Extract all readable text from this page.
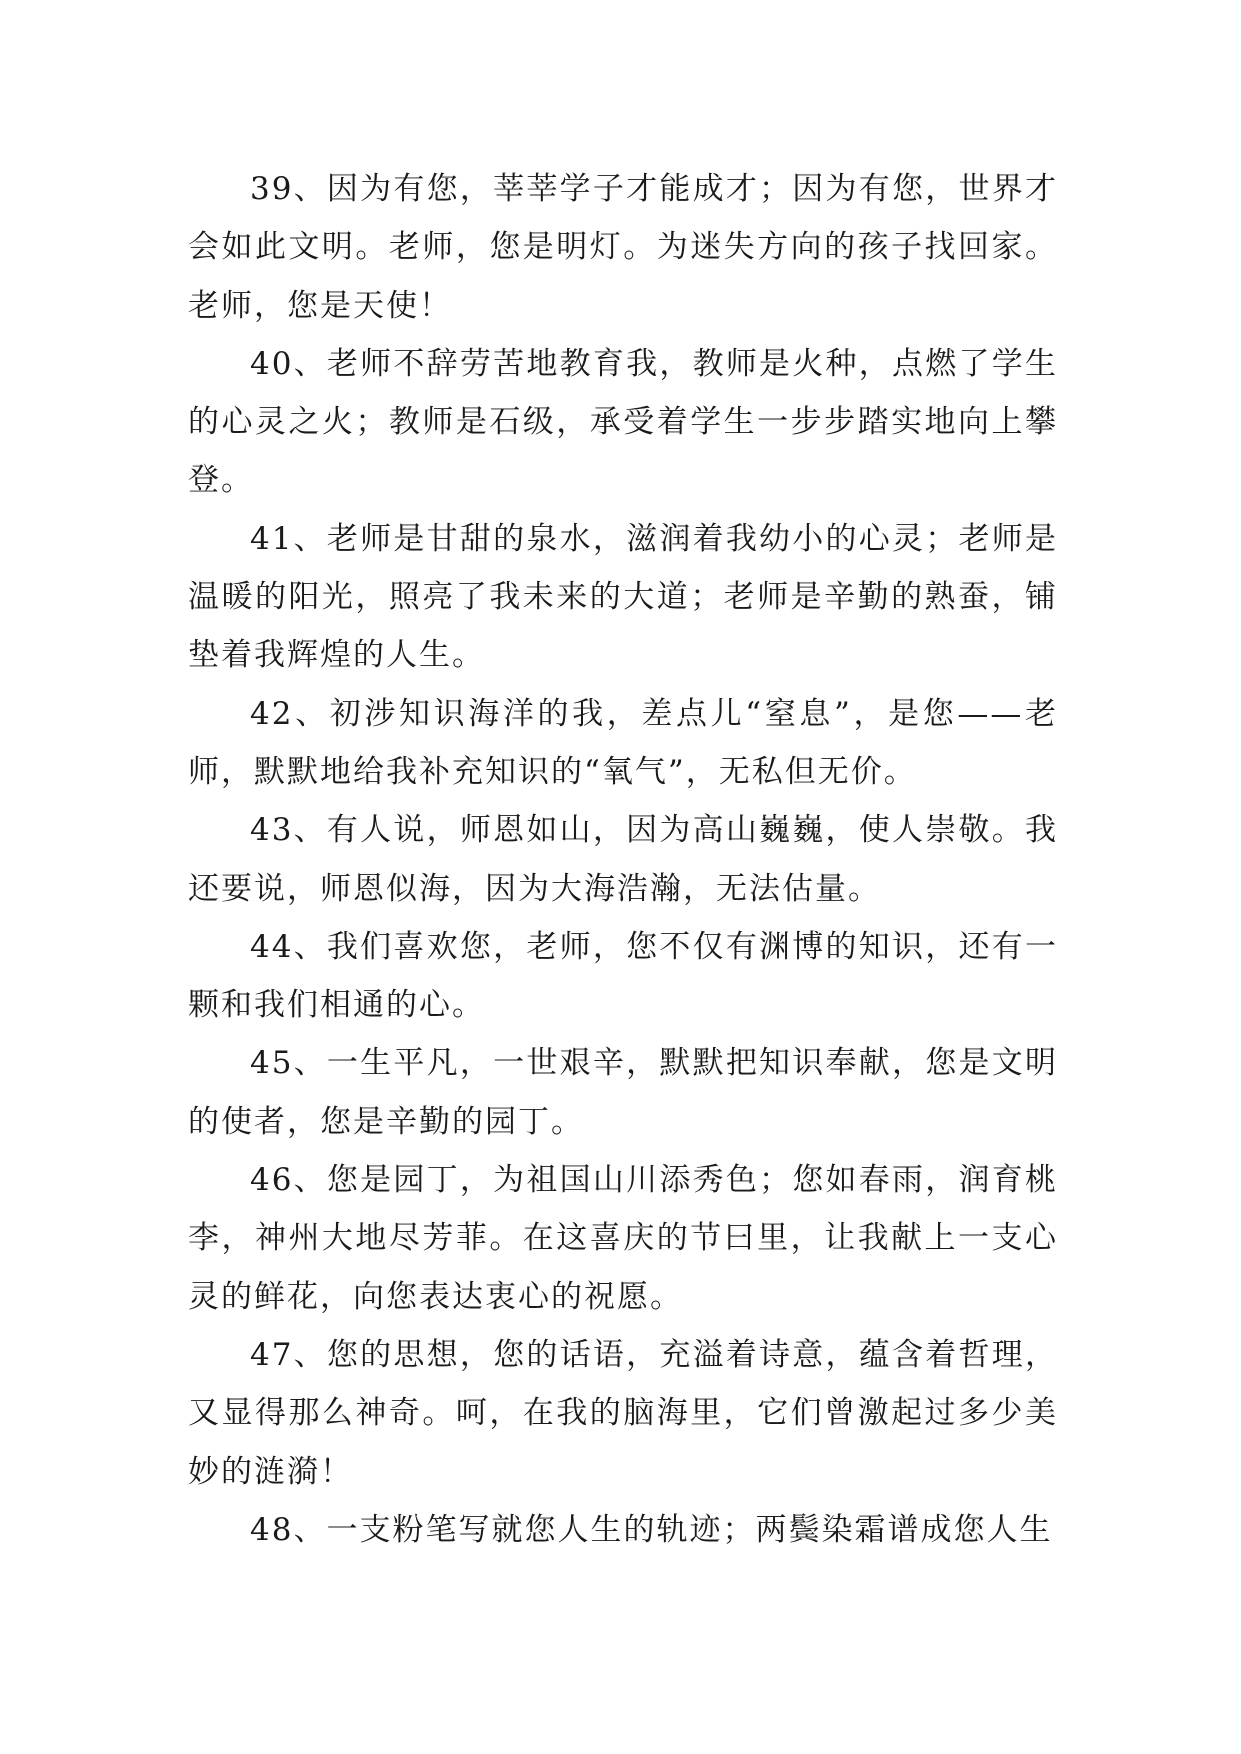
39、因为有您，莘莘学子才能成才；因为有您，世界才会如此文明。老师，您是明灯。为迷失方向的孩子找回家。老师，您是天使！

40、老师不辞劳苦地教育我，教师是火种，点燃了学生的心灵之火；教师是石级，承受着学生一步步踏实地向上攀登。

41、老师是甘甜的泉水，滋润着我幼小的心灵；老师是温暖的阳光，照亮了我未来的大道；老师是辛勤的熟蚕，铺垫着我辉煌的人生。

42、初涉知识海洋的我，差点儿“窒息”，是您——老师，默默地给我补充知识的“氧气”，无私但无价。

43、有人说，师恩如山，因为高山巍巍，使人崇敬。我还要说，师恩似海，因为大海浩瀚，无法估量。

44、我们喜欢您，老师，您不仅有渊博的知识，还有一颗和我们相通的心。

45、一生平凡，一世艰辛，默默把知识奉献，您是文明的使者，您是辛勤的园丁。

46、您是园丁，为祖国山川添秀色；您如春雨，润育桃李，神州大地尽芳菲。在这喜庆的节曰里，让我献上一支心灵的鲜花，向您表达衷心的祝愿。

47、您的思想，您的话语，充溢着诗意，蕴含着哲理，又显得那么神奇。呵，在我的脑海里，它们曾激起过多少美妙的涟漪！

48、一支粉笔写就您人生的轨迹；两鬓染霜谱成您人生
